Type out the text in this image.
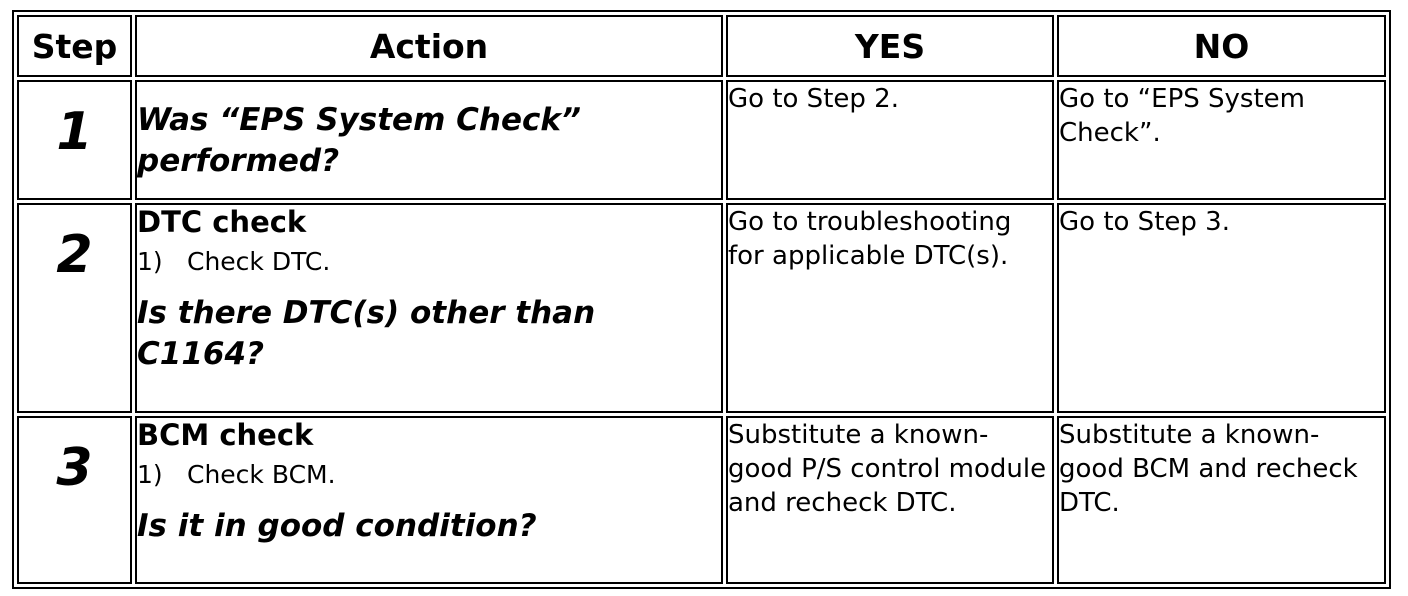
Step	Action	YES	NO

1	Was “EPS System Check” performed?	Go to Step 2.	Go to “EPS System Check”.

2	DTC check
1) Check DTC.
Is there DTC(s) other than C1164?	Go to troubleshooting for applicable DTC(s).	Go to Step 3.

3	BCM check
1) Check BCM.
Is it in good condition?	Substitute a known-good P/S control module and recheck DTC.	Substitute a known-good BCM and recheck DTC.
